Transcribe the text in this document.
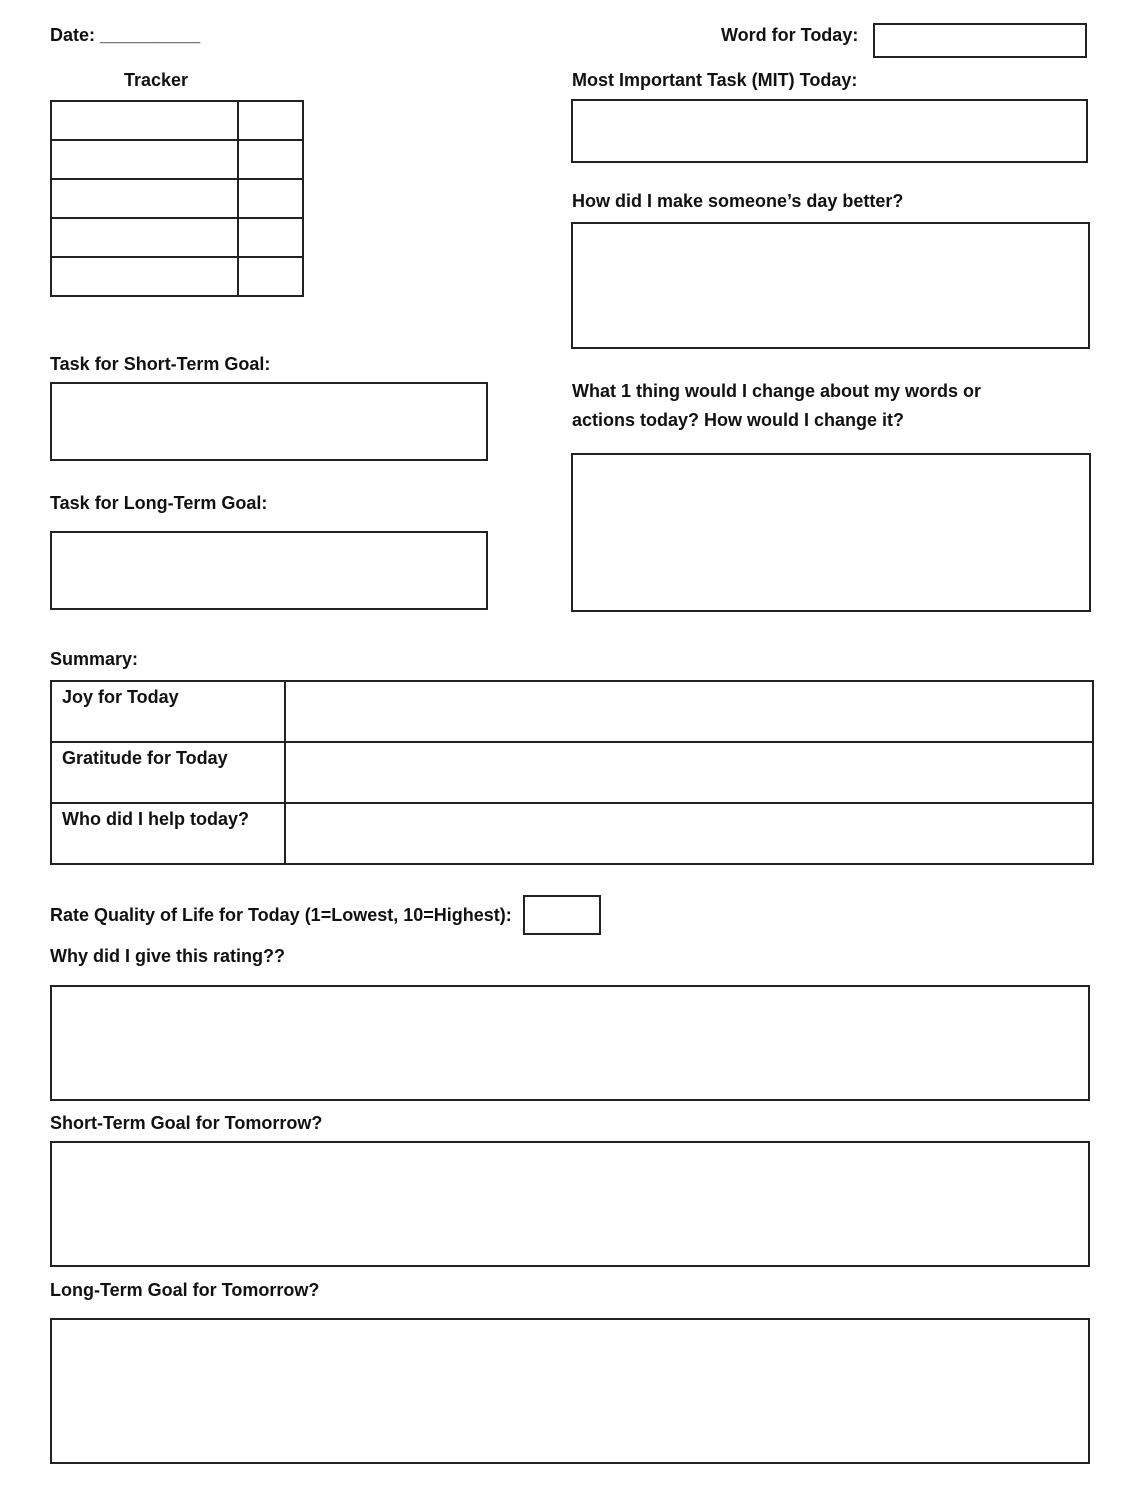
Date: __________	Word for Today:
Tracker

		Most Important Task (MIT) Today:
How did I make someone’s day better?
What 1 thing would I change about my words or actions today? How would I change it?
Task for Short-Term Goal:
Task for Long-Term Goal:
Summary:
Joy for Today	
Gratitude for Today	
Who did I help today?	
Rate Quality of Life for Today (1=Lowest, 10=Highest):
Why did I give this rating??
Short-Term Goal for Tomorrow?
Long-Term Goal for Tomorrow?
